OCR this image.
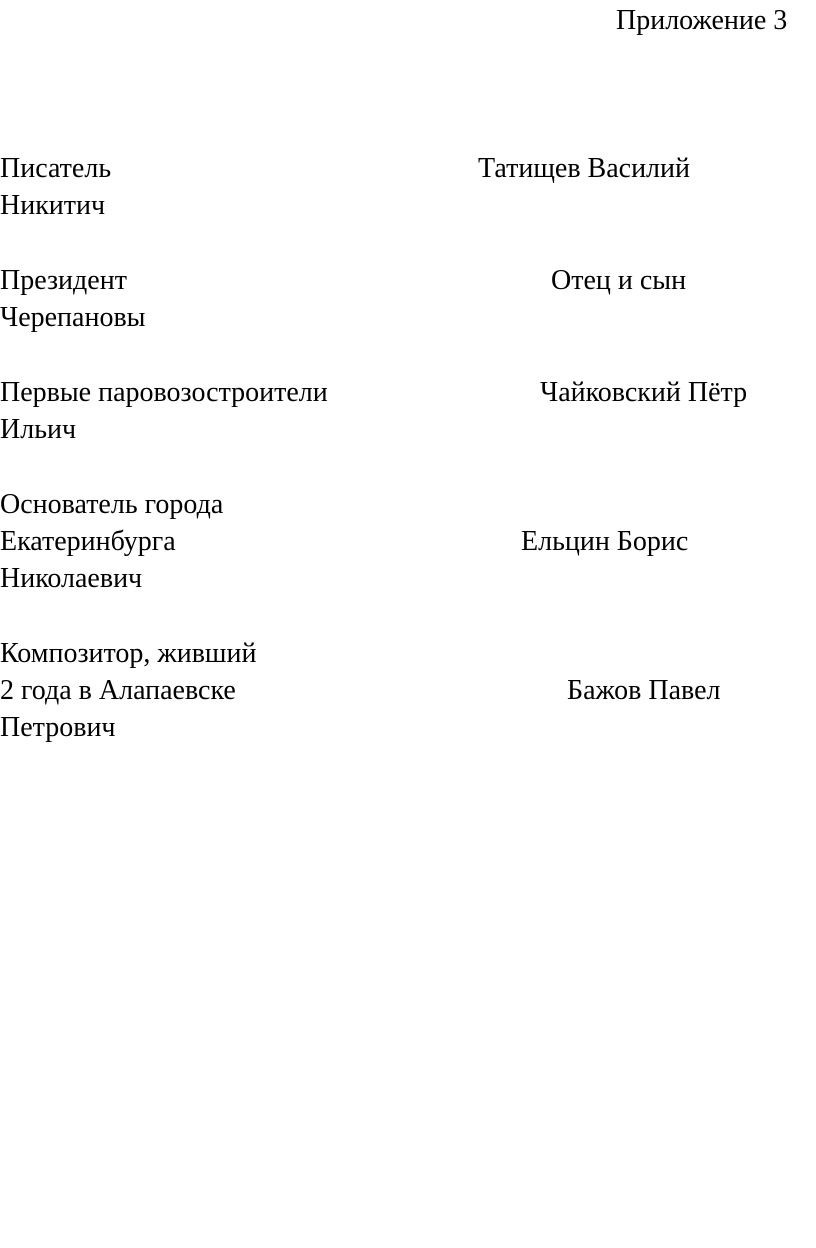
Приложение 3
Писатель
Никитич
Татищев Василий
Президент
Черепановы
Отец и сын
Первые паровозостроители
Ильич
Чайковский Пётр
Основатель города
Екатеринбурга
Николаевич
Ельцин Борис
Композитор, живший
2 года в Алапаевске
Петрович
Бажов Павел
